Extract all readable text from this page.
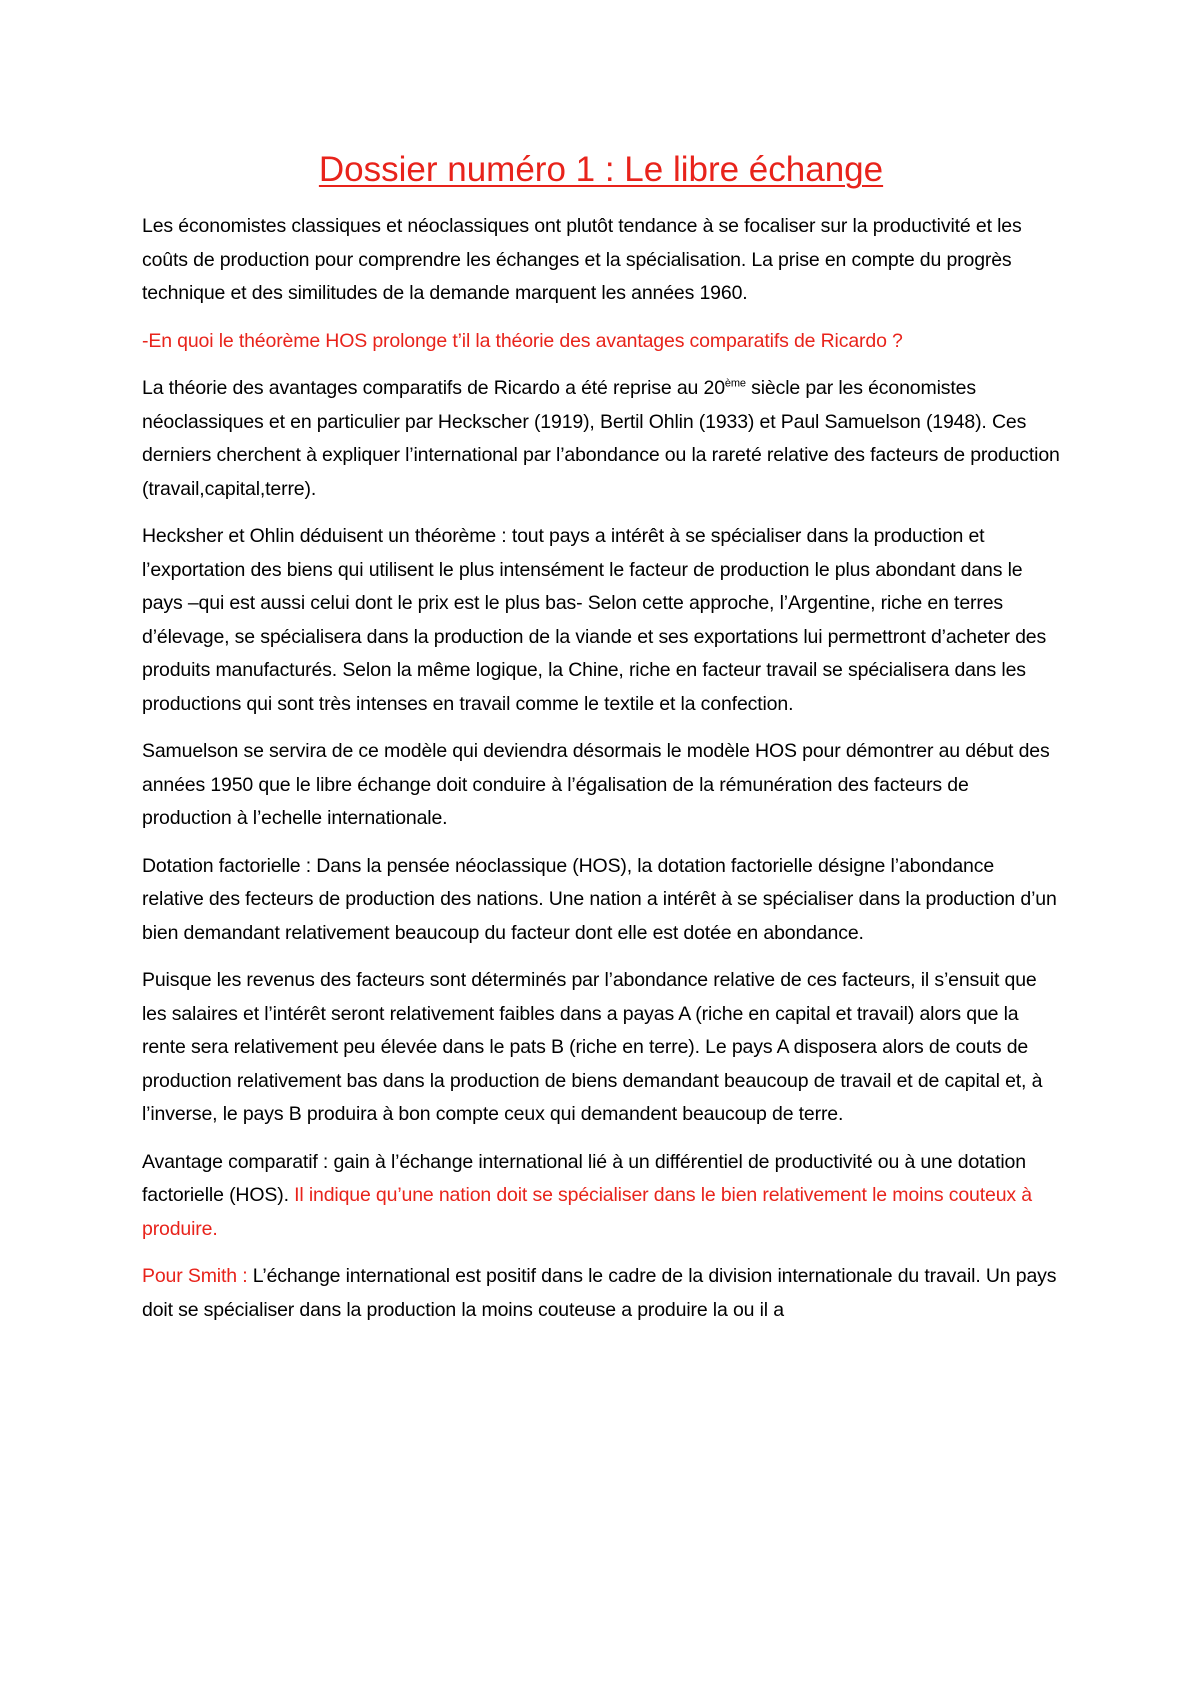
Dossier numéro 1 : Le libre échange

Les économistes classiques et néoclassiques ont plutôt tendance à se focaliser sur la productivité et les coûts de production pour comprendre les échanges et la spécialisation. La prise en compte du progrès technique et des similitudes de la demande marquent les années 1960.

-En quoi le théorème HOS prolonge t’il la théorie des avantages comparatifs de Ricardo ?

La théorie des avantages comparatifs de Ricardo a été reprise au 20ème siècle par les économistes néoclassiques et en particulier par Heckscher (1919), Bertil Ohlin (1933) et Paul Samuelson (1948). Ces derniers cherchent à expliquer l’international par l’abondance ou la rareté relative des facteurs de production (travail,capital,terre).

Heckshe​r et Ohlin déduisent un théorème : tout pays a intérêt à se spécialiser dans la production et l’exportation des biens qui utilisent le plus intensément le facteur de production le plus abondant dans le pays –qui est aussi celui dont le prix est le plus bas- Selon cette approche, l’Argentine, riche en terres d’élevage, se spécialisera dans la production de la viande et ses exportations lui permettront d’acheter des produits manufacturés. Selon la même logique, la Chine, riche en facteur travail se spécialisera dans les productions qui sont très intenses en travail comme le textile et la confection.

Samuelson se servira de ce modèle qui deviendra désormais le modèle HOS pour démontrer au début des années 1950 que le libre échange doit conduire à l’égalisation de la rémunération des facteurs de production à l’echelle internationale.

Dotation factorielle : Dans la pensée néoclassique (HOS), la dotation factorielle désigne l’abondance relative des fecteurs de production des nations. Une nation a intérêt à se spécialiser dans la production d’un bien demandant relativement beaucoup du facteur dont elle est dotée en abondance.

Puisque les revenus des facteurs sont déterminés par l’abondance relative de ces facteurs, il s’ensuit que les salaires et l’intérêt seront relativement faibles dans a payas A (riche en capital et travail) alors que la rente sera relativement peu élevée dans le pats B (riche en terre). Le pays A disposera alors de couts de production relativement bas dans la production de biens demandant beaucoup de travail et de capital et, à l’inverse, le pays B produira à bon compte ceux qui demandent beaucoup de terre.

Avantage comparatif : gain à l’échange international lié à un différentiel de productivité ou à une dotation factorielle (HOS). Il indique qu’une nation doit se spécialiser dans le bien relativement le moins couteux à produire.

Pour Smith : L’échange international est positif dans le cadre de la division internationale du travail. Un pays doit se spécialiser dans la production la moins couteuse a produire la ou il a
